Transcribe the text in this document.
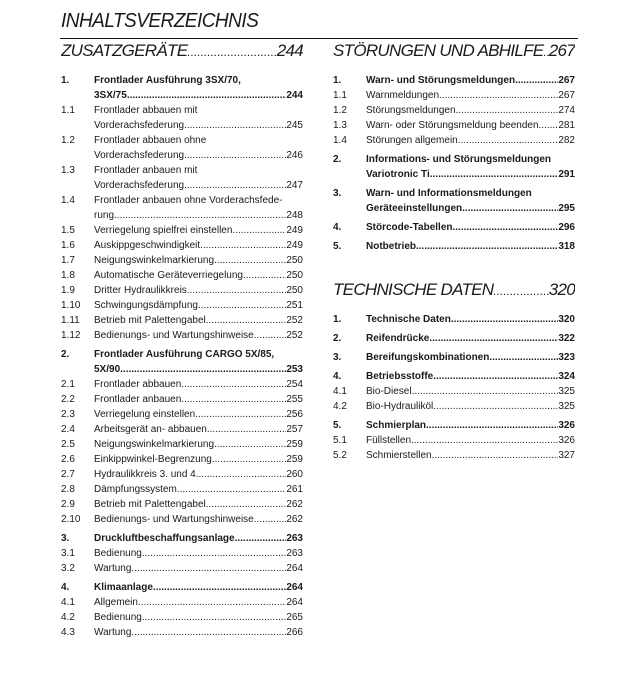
INHALTSVERZEICHNIS
ZUSATZGERÄTE .....	244
1.	Frontlader Ausführung 3SX/70,
3SX/75 .....	244
1.1	Frontlader abbauen mit
Vorderachsfederung .....	245
1.2	Frontlader abbauen ohne
Vorderachsfederung .....	246
1.3	Frontlader anbauen mit
Vorderachsfederung .....	247
1.4	Frontlader anbauen ohne Vorderachsfede-
rung .....	248
1.5	Verriegelung spielfrei einstellen .....	249
1.6	Auskippgeschwindigkeit .....	249
1.7	Neigungswinkelmarkierung .....	250
1.8	Automatische Geräteverriegelung .....	250
1.9	Dritter Hydraulikkreis .....	250
1.10	Schwingungsdämpfung .....	251
1.11	Betrieb mit Palettengabel .....	252
1.12	Bedienungs- und Wartungshinweise .....	252
2.	Frontlader Ausführung CARGO 5X/85,
5X/90 .....	253
2.1	Frontlader abbauen .....	254
2.2	Frontlader anbauen .....	255
2.3	Verriegelung einstellen .....	256
2.4	Arbeitsgerät an- abbauen .....	257
2.5	Neigungswinkelmarkierung .....	259
2.6	Einkippwinkel-Begrenzung .....	259
2.7	Hydraulikkreis 3. und 4. .....	260
2.8	Dämpfungssystem .....	261
2.9	Betrieb mit Palettengabel .....	262
2.10	Bedienungs- und Wartungshinweise .....	262
3.	Druckluftbeschaffungsanlage .....	263
3.1	Bedienung .....	263
3.2	Wartung .....	264
4.	Klimaanlage .....	264
4.1	Allgemein .....	264
4.2	Bedienung .....	265
4.3	Wartung .....	266
STÖRUNGEN UND ABHILFE ..... 267
1.	Warn- und Störungsmeldungen .....	267
1.1	Warnmeldungen .....	267
1.2	Störungsmeldungen .....	274
1.3	Warn- oder Störungsmeldung beenden ..... 281
1.4	Störungen allgemein .....	282
2.	Informations- und Störungsmeldungen
Variotronic Ti .....	291
3.	Warn- und Informationsmeldungen
Geräteeinstellungen .....	295
4.	Störcode-Tabellen .....	296
5.	Notbetrieb .....	318
TECHNISCHE DATEN .....	320
1.	Technische Daten .....	320
2.	Reifendrücke .....	322
3.	Bereifungskombinationen .....	323
4.	Betriebsstoffe .....	324
4.1	Bio-Diesel .....	325
4.2	Bio-Hydrauliköl .....	325
5.	Schmierplan .....	326
5.1	Füllstellen .....	326
5.2	Schmierstellen .....	327
